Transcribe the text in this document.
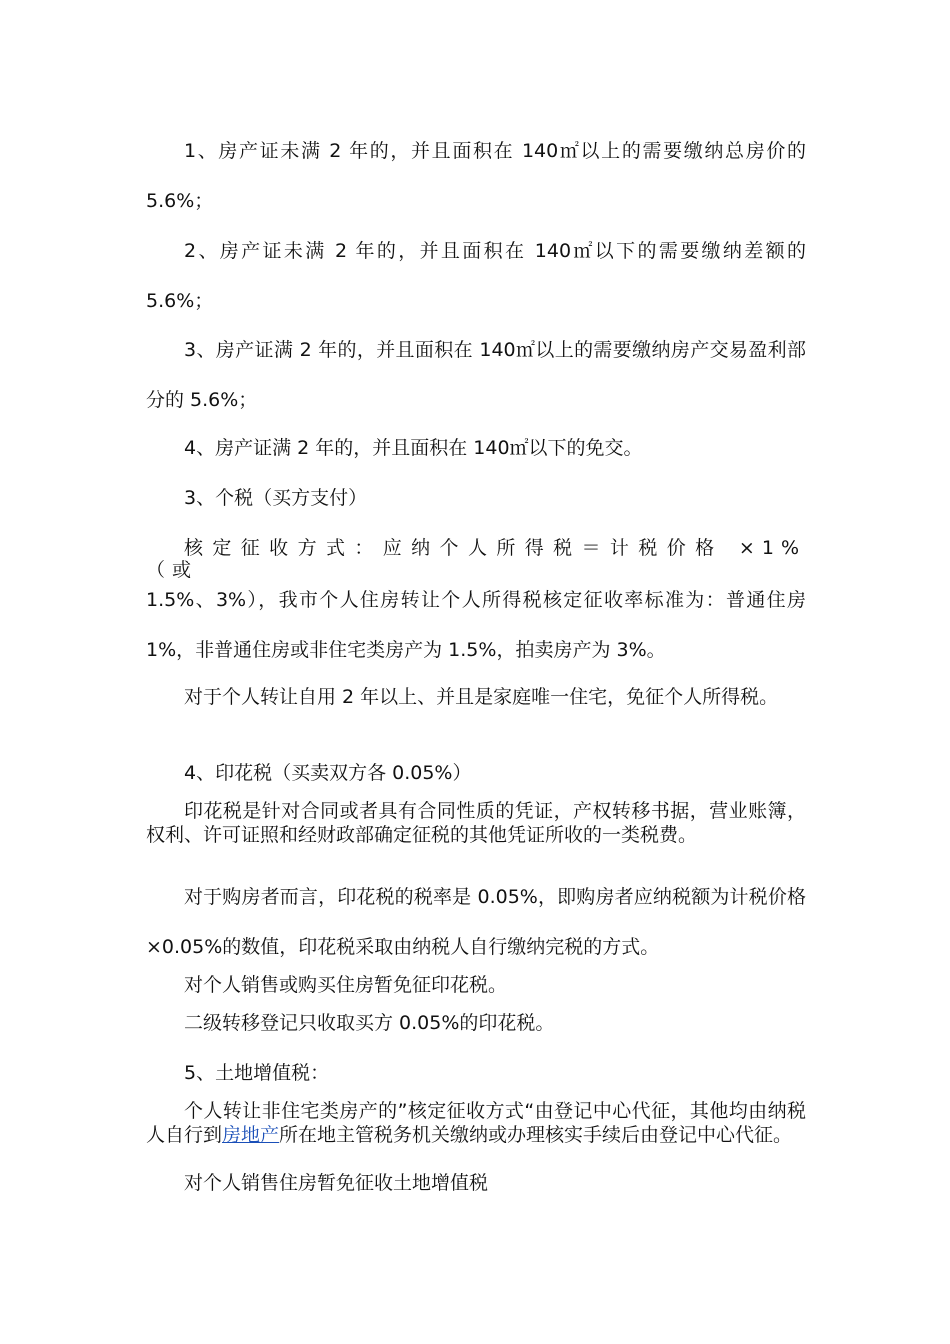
1、房产证未满 2 年的，并且面积在 140㎡以上的需要缴纳总房价的 5.6%；

2、房产证未满 2 年的，并且面积在 140㎡以下的需要缴纳差额的 5.6%；

3、房产证满 2 年的，并且面积在 140㎡以上的需要缴纳房产交易盈利部分的 5.6%；

4、房产证满 2 年的，并且面积在 140㎡以下的免交。

3、个税（买方支付）

核定征收方式：应纳个人所得税＝计税价格 ×1%（或

1.5%、3%），我市个人住房转让个人所得税核定征收率标准为：普通住房 1%，非普通住房或非住宅类房产为 1.5%，拍卖房产为 3%。

对于个人转让自用 2 年以上、并且是家庭唯一住宅，免征个人所得税。

4、印花税（买卖双方各 0.05%）

印花税是针对合同或者具有合同性质的凭证，产权转移书据，营业账簿，权利、许可证照和经财政部确定征税的其他凭证所收的一类税费。

对于购房者而言，印花税的税率是 0.05%，即购房者应纳税额为计税价格×0.05%的数值，印花税采取由纳税人自行缴纳完税的方式。

对个人销售或购买住房暂免征印花税。

二级转移登记只收取买方 0.05%的印花税。

5、土地增值税：

个人转让非住宅类房产的”核定征收方式“由登记中心代征，其他均由纳税人自行到房地产所在地主管税务机关缴纳或办理核实手续后由登记中心代征。

对个人销售住房暂免征收土地增值税
